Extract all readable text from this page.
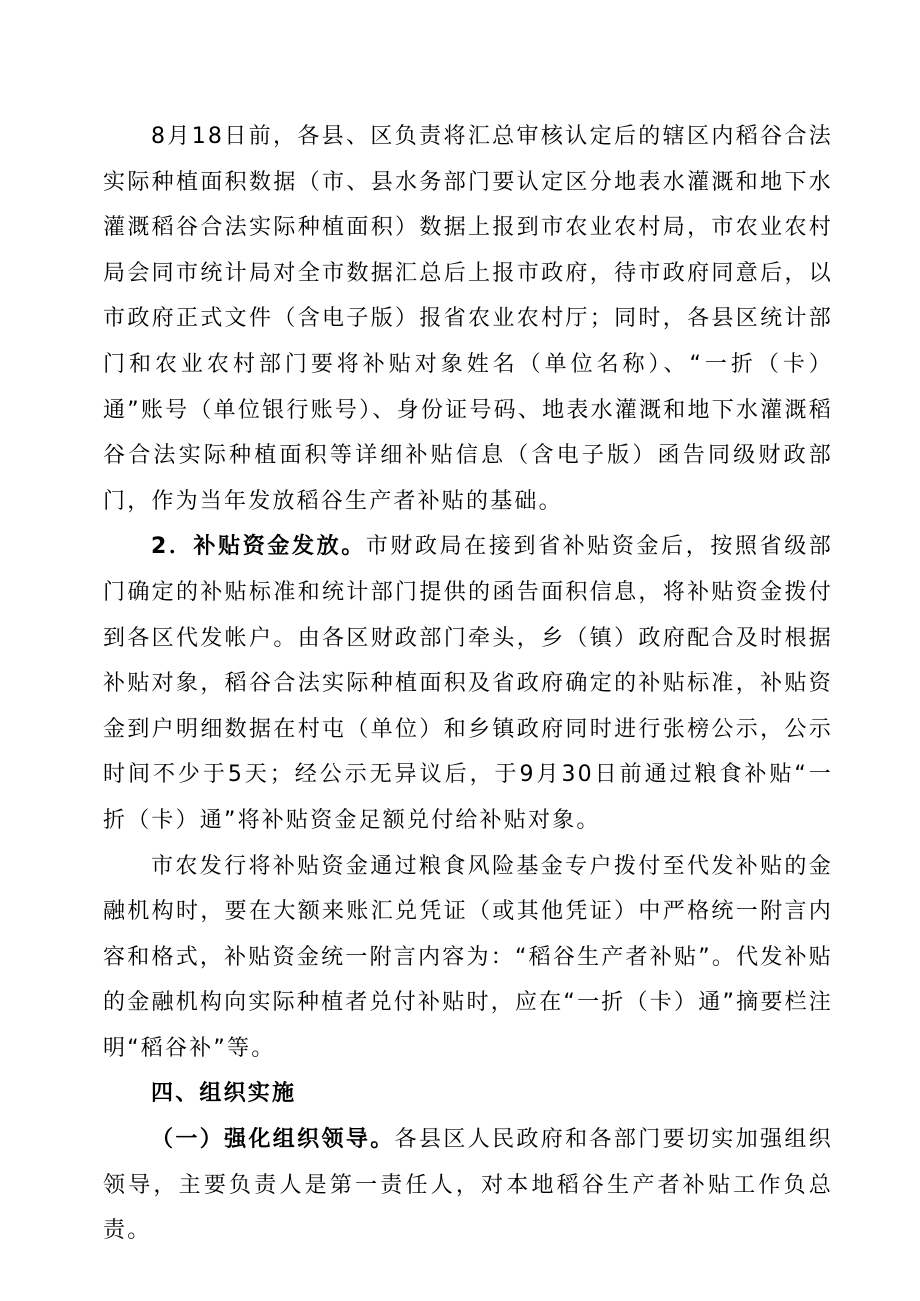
8月18日前，各县、区负责将汇总审核认定后的辖区内稻谷合法实际种植面积数据（市、县水务部门要认定区分地表水灌溉和地下水灌溉稻谷合法实际种植面积）数据上报到市农业农村局，市农业农村局会同市统计局对全市数据汇总后上报市政府，待市政府同意后，以市政府正式文件（含电子版）报省农业农村厅；同时，各县区统计部门和农业农村部门要将补贴对象姓名（单位名称）、“一折（卡）通”账号（单位银行账号）、身份证号码、地表水灌溉和地下水灌溉稻谷合法实际种植面积等详细补贴信息（含电子版）函告同级财政部门，作为当年发放稻谷生产者补贴的基础。

2．补贴资金发放。市财政局在接到省补贴资金后，按照省级部门确定的补贴标准和统计部门提供的函告面积信息，将补贴资金拨付到各区代发帐户。由各区财政部门牵头，乡（镇）政府配合及时根据补贴对象，稻谷合法实际种植面积及省政府确定的补贴标准，补贴资金到户明细数据在村屯（单位）和乡镇政府同时进行张榜公示，公示时间不少于5天；经公示无异议后，于9月30日前通过粮食补贴“一折（卡）通”将补贴资金足额兑付给补贴对象。

市农发行将补贴资金通过粮食风险基金专户拨付至代发补贴的金融机构时，要在大额来账汇兑凭证（或其他凭证）中严格统一附言内容和格式，补贴资金统一附言内容为：“稻谷生产者补贴”。代发补贴的金融机构向实际种植者兑付补贴时，应在“一折（卡）通”摘要栏注明“稻谷补”等。

四、组织实施

（一）强化组织领导。各县区人民政府和各部门要切实加强组织领导，主要负责人是第一责任人，对本地稻谷生产者补贴工作负总责。
